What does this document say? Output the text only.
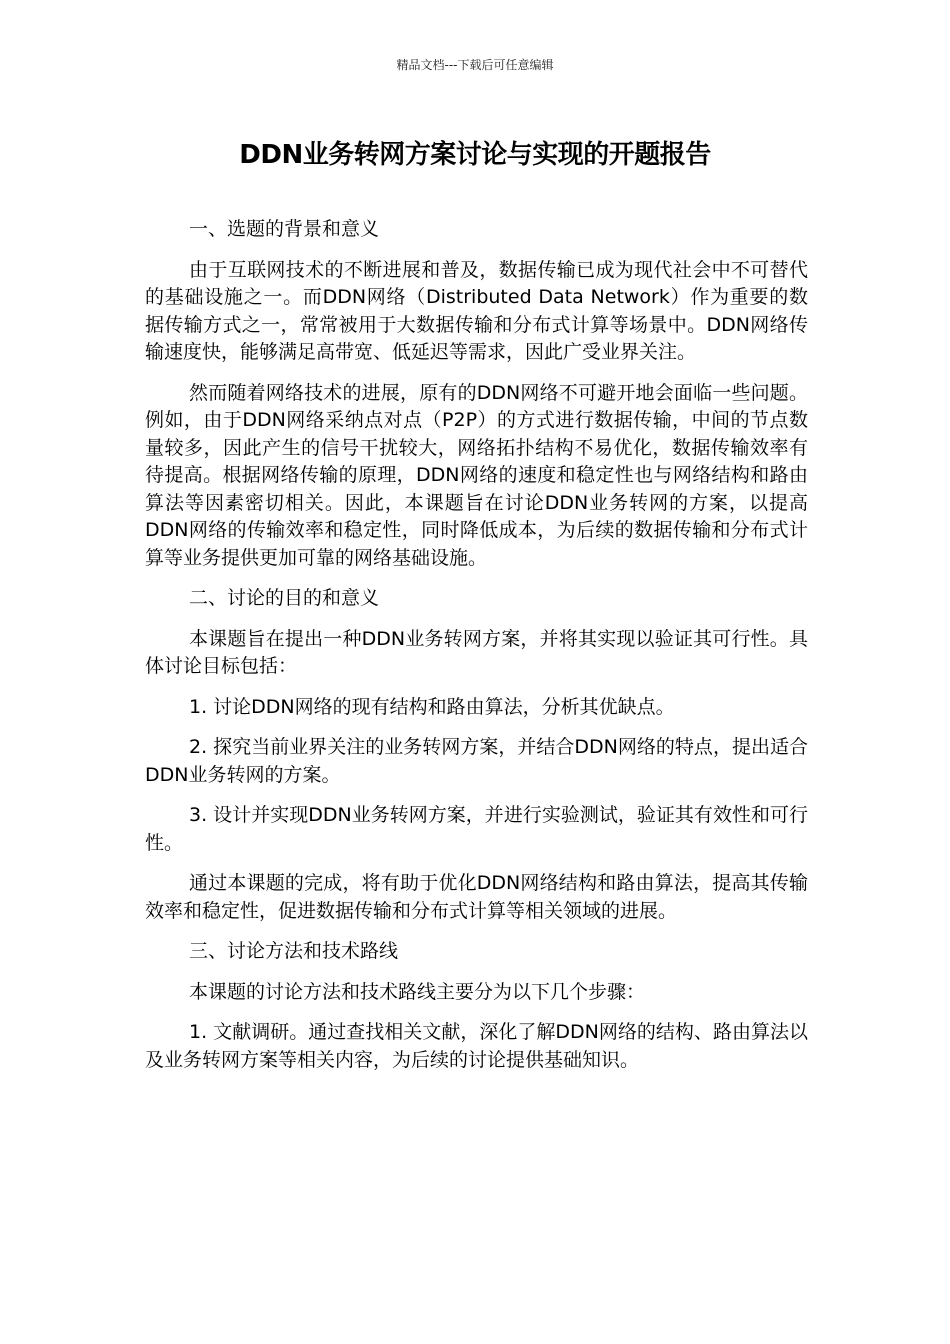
精品文档---下载后可任意编辑
DDN业务转网方案讨论与实现的开题报告
一、选题的背景和意义
由于互联网技术的不断进展和普及，数据传输已成为现代社会中不可替代的基础设施之一。而DDN网络（Distributed Data Network）作为重要的数据传输方式之一，常常被用于大数据传输和分布式计算等场景中。DDN网络传输速度快，能够满足高带宽、低延迟等需求，因此广受业界关注。
然而随着网络技术的进展，原有的DDN网络不可避开地会面临一些问题。例如，由于DDN网络采纳点对点（P2P）的方式进行数据传输，中间的节点数量较多，因此产生的信号干扰较大，网络拓扑结构不易优化，数据传输效率有待提高。根据网络传输的原理，DDN网络的速度和稳定性也与网络结构和路由算法等因素密切相关。因此，本课题旨在讨论DDN业务转网的方案，以提高DDN网络的传输效率和稳定性，同时降低成本，为后续的数据传输和分布式计算等业务提供更加可靠的网络基础设施。
二、讨论的目的和意义
本课题旨在提出一种DDN业务转网方案，并将其实现以验证其可行性。具体讨论目标包括：
1. 讨论DDN网络的现有结构和路由算法，分析其优缺点。
2. 探究当前业界关注的业务转网方案，并结合DDN网络的特点，提出适合DDN业务转网的方案。
3. 设计并实现DDN业务转网方案，并进行实验测试，验证其有效性和可行性。
通过本课题的完成，将有助于优化DDN网络结构和路由算法，提高其传输效率和稳定性，促进数据传输和分布式计算等相关领域的进展。
三、讨论方法和技术路线
本课题的讨论方法和技术路线主要分为以下几个步骤：
1. 文献调研。通过查找相关文献，深化了解DDN网络的结构、路由算法以及业务转网方案等相关内容，为后续的讨论提供基础知识。
